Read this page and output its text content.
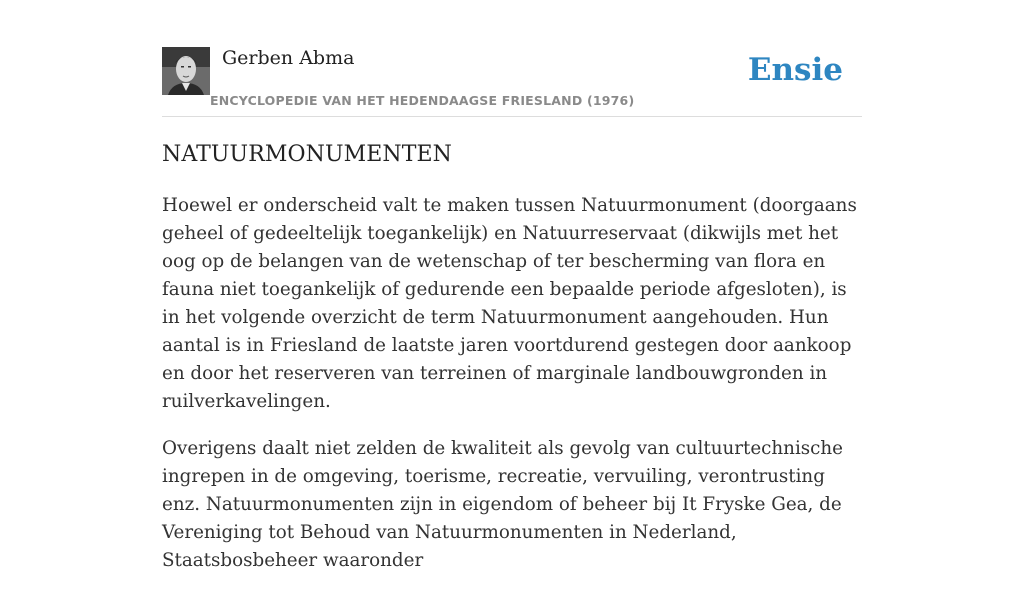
Gerben Abma
ENCYCLOPEDIE VAN HET HEDENDAAGSE FRIESLAND (1976)
Ensie
NATUURMONUMENTEN

Hoewel er onderscheid valt te maken tussen Natuurmonument (doorgaans geheel of gedeeltelijk toegankelijk) en Natuurreservaat (dikwijls met het oog op de belangen van de wetenschap of ter bescherming van flora en fauna niet toegankelijk of gedurende een bepaalde periode afgesloten), is in het volgende overzicht de term Natuurmonument aangehouden. Hun aantal is in Friesland de laatste jaren voortdurend gestegen door aankoop en door het reserveren van terreinen of marginale landbouwgronden in ruilverkavelingen.

Overigens daalt niet zelden de kwaliteit als gevolg van cultuurtechnische ingrepen in de omgeving, toerisme, recreatie, vervuiling, verontrusting enz. Natuurmonumenten zijn in eigendom of beheer bij It Fryske Gea, de Vereniging tot Behoud van Natuurmonumenten in Nederland, Staatsbosbeheer waaronder
